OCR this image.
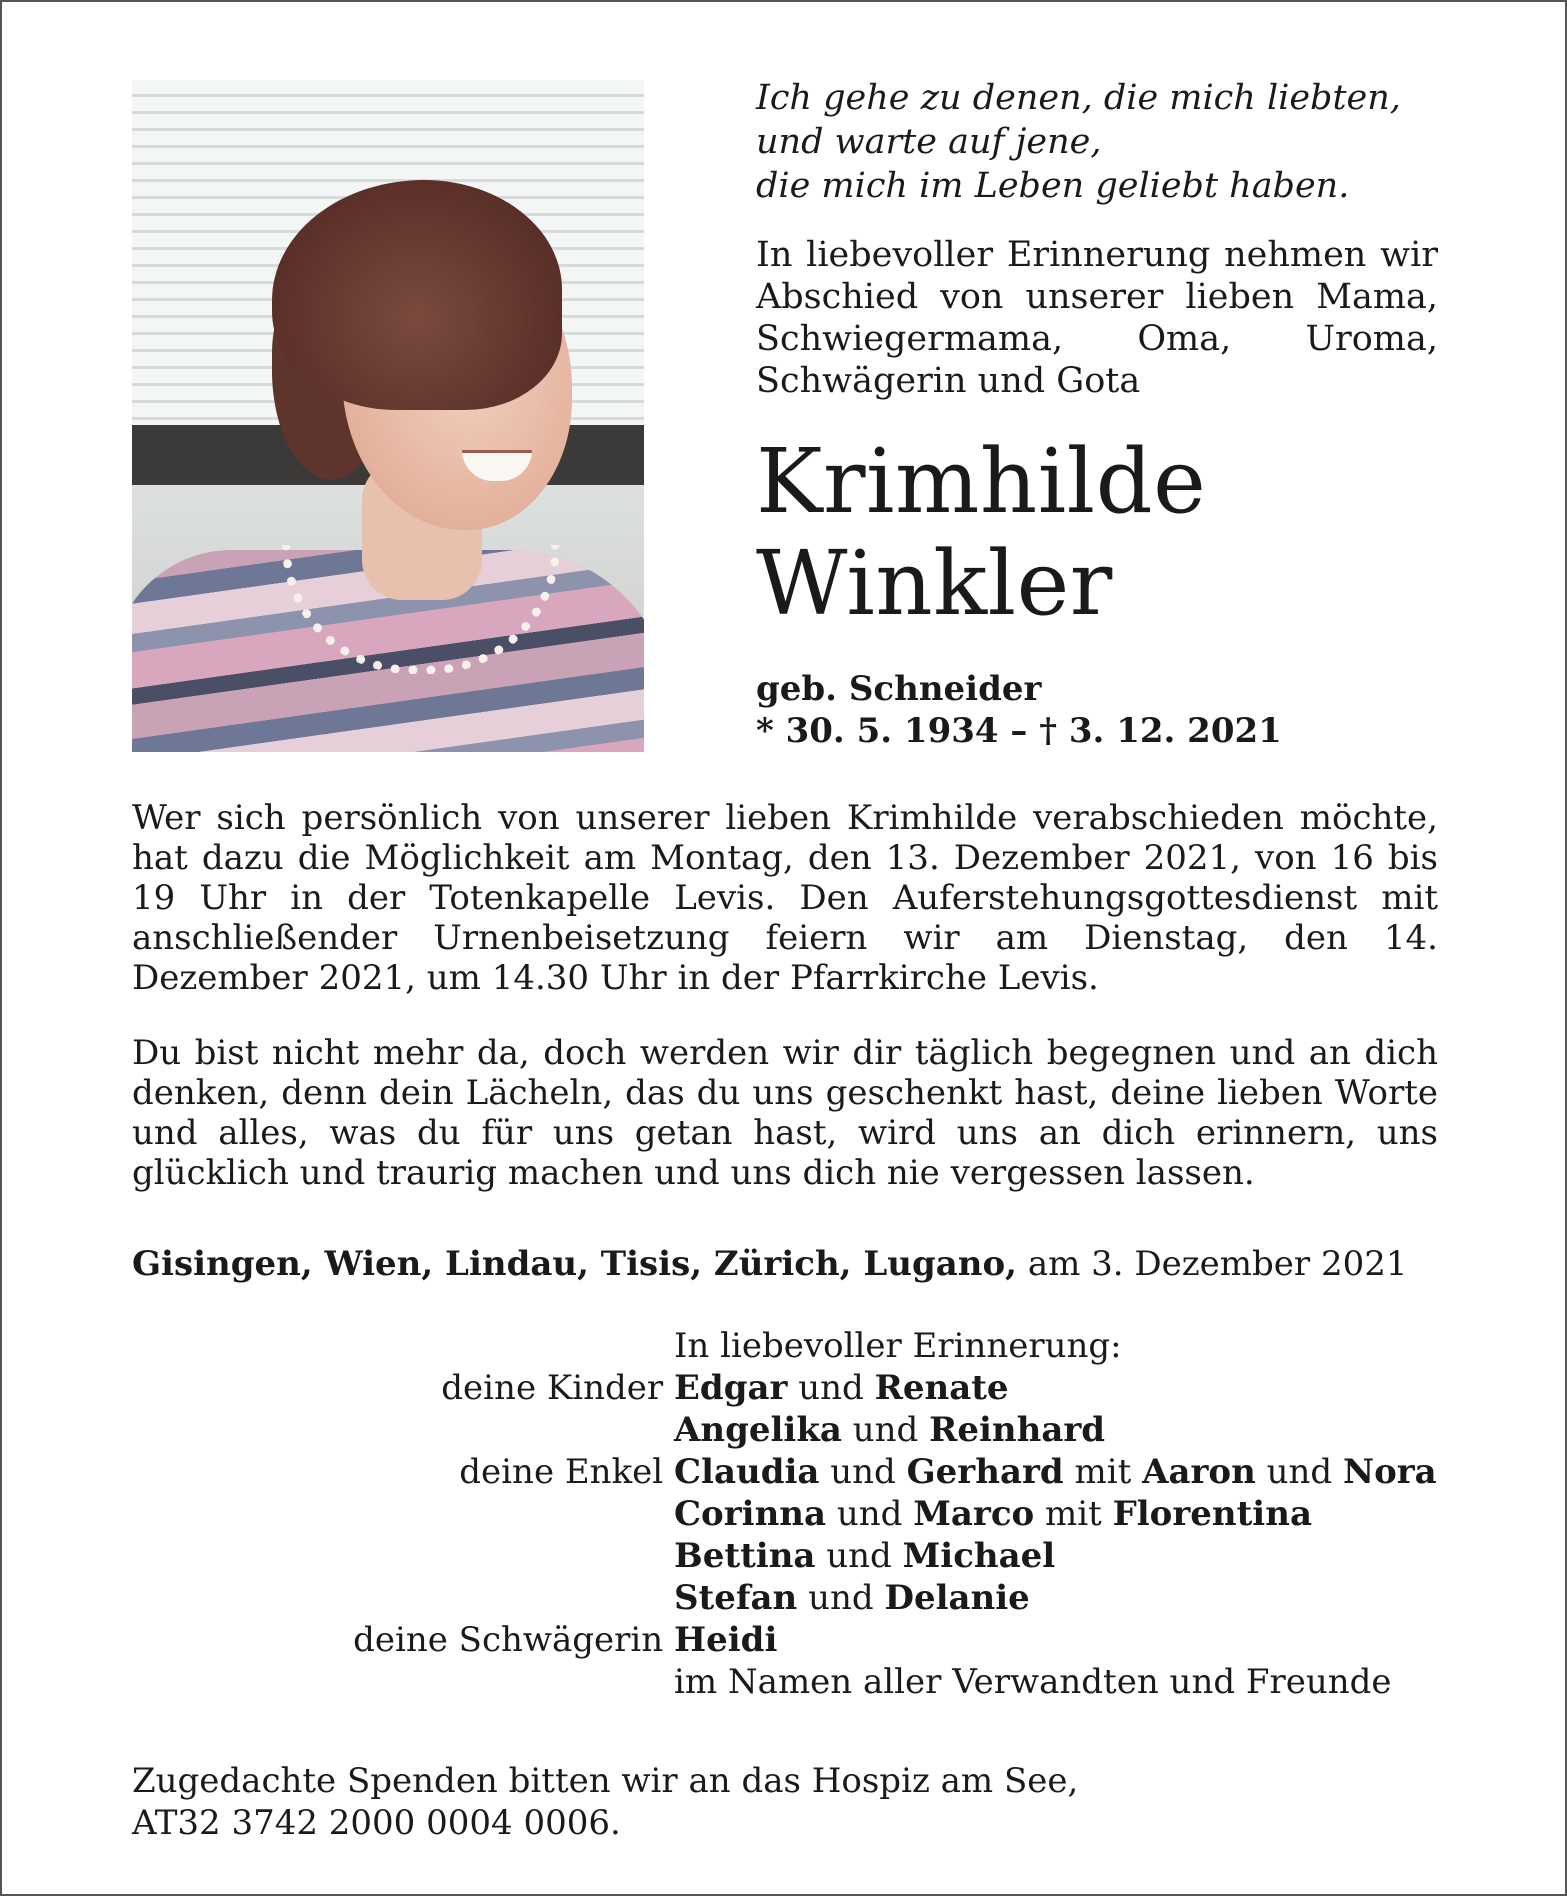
Ich gehe zu denen, die mich liebten,
und warte auf jene,
die mich im Leben geliebt haben.

In liebevoller Erinnerung nehmen wir Abschied von unserer lieben Mama, Schwiegermama, Oma, Uroma, Schwägerin und Gota

Krimhilde
Winkler
geb. Schneider
* 30. 5. 1934 – † 3. 12. 2021

Wer sich persönlich von unserer lieben Krimhilde verabschieden möchte, hat dazu die Möglichkeit am Montag, den 13. Dezember 2021, von 16 bis 19 Uhr in der Totenkapelle Levis. Den Auferstehungsgottesdienst mit anschließender Urnenbeisetzung feiern wir am Dienstag, den 14. Dezember 2021, um 14.30 Uhr in der Pfarrkirche Levis.

Du bist nicht mehr da, doch werden wir dir täglich begegnen und an dich denken, denn dein Lächeln, das du uns geschenkt hast, deine lieben Worte und alles, was du für uns getan hast, wird uns an dich erinnern, uns glücklich und traurig machen und uns dich nie vergessen lassen.

Gisingen, Wien, Lindau, Tisis, Zürich, Lugano, am 3. Dezember 2021

In liebevoller Erinnerung:
deine Kinder Edgar und Renate
Angelika und Reinhard
deine Enkel Claudia und Gerhard mit Aaron und Nora
Corinna und Marco mit Florentina
Bettina und Michael
Stefan und Delanie
deine Schwägerin Heidi
im Namen aller Verwandten und Freunde
Zugedachte Spenden bitten wir an das Hospiz am See,
AT32 3742 2000 0004 0006.
